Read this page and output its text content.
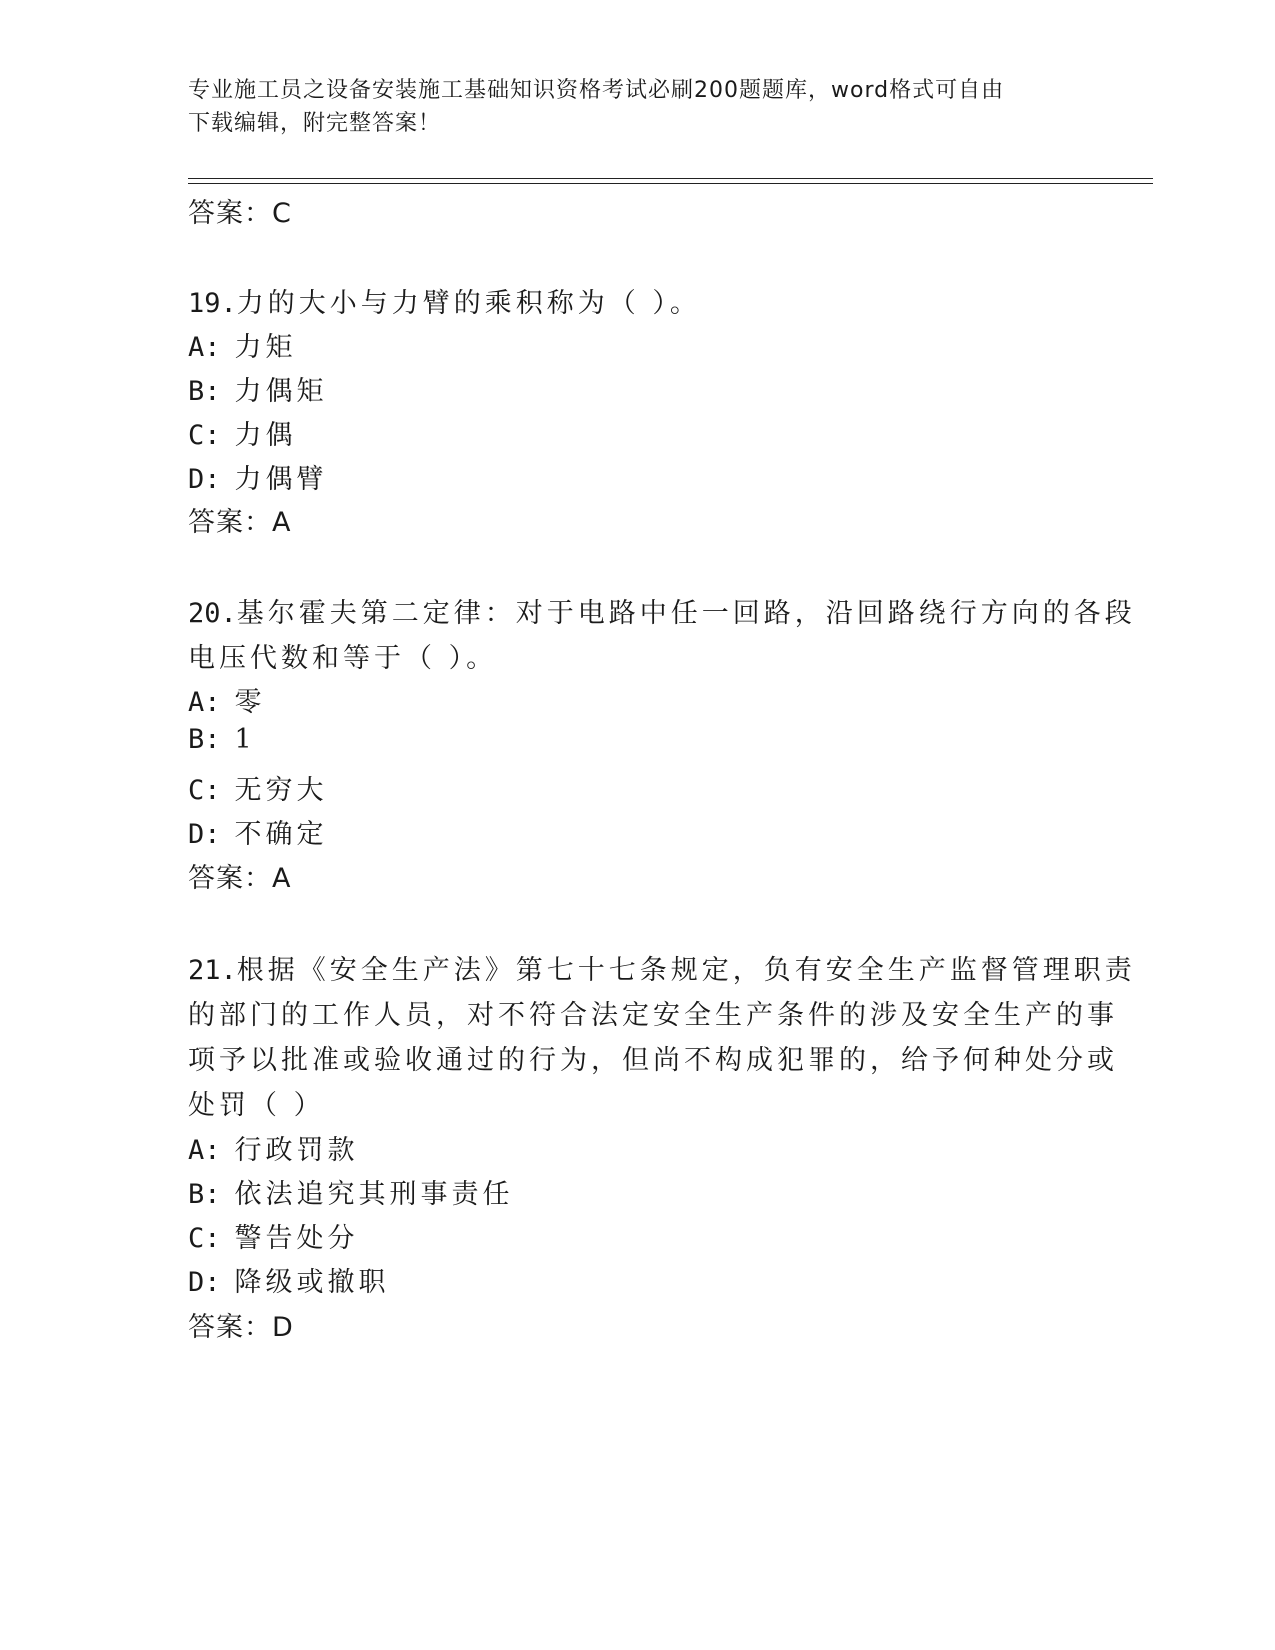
专业施工员之设备安装施工基础知识资格考试必刷200题题库，word格式可自由
下载编辑，附完整答案！
答案：C
19.力的大小与力臂的乘积称为（ ）。
A: 力矩
B: 力偶矩
C: 力偶
D: 力偶臂
答案：A
20.基尔霍夫第二定律：对于电路中任一回路，沿回路绕行方向的各段
电压代数和等于（ ）。
A: 零
B: 1
C: 无穷大
D: 不确定
答案：A
21.根据《安全生产法》第七十七条规定，负有安全生产监督管理职责
的部门的工作人员，对不符合法定安全生产条件的涉及安全生产的事
项予以批准或验收通过的行为，但尚不构成犯罪的，给予何种处分或
处罚（ ）
A: 行政罚款
B: 依法追究其刑事责任
C: 警告处分
D: 降级或撤职
答案：D
